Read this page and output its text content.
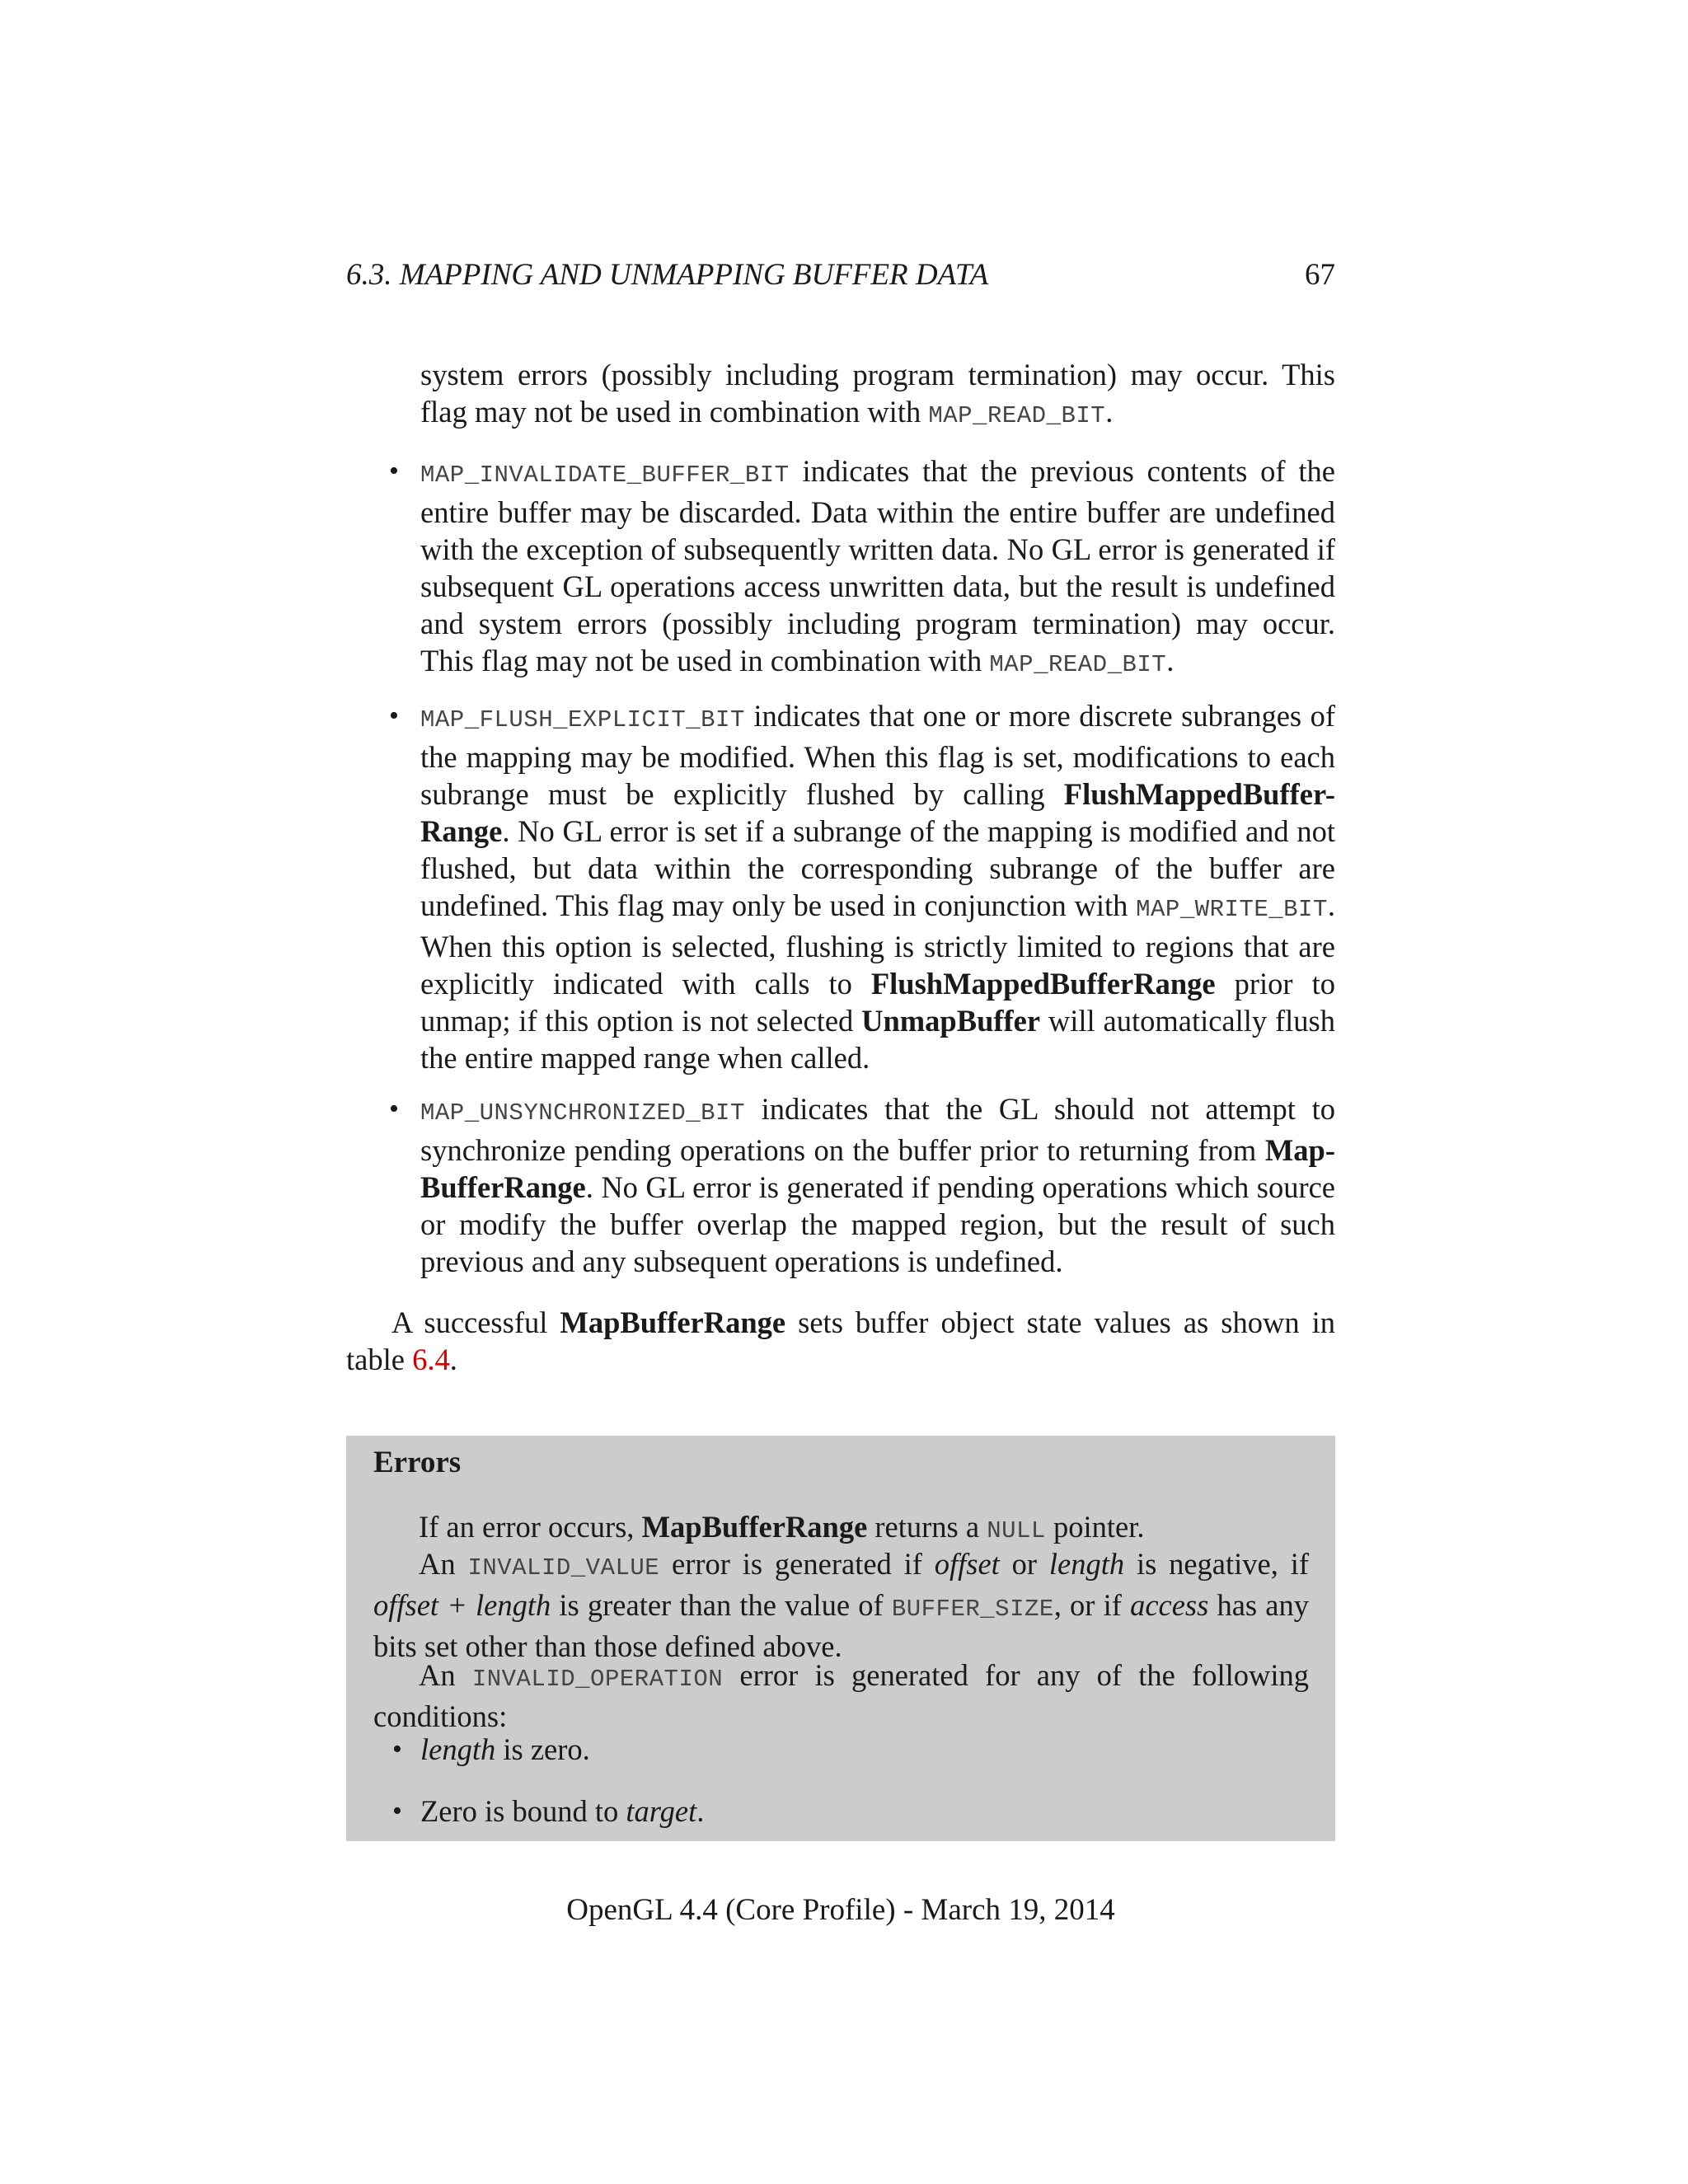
6.3. MAPPING AND UNMAPPING BUFFER DATA	67
system errors (possibly including program termination) may occur. This flag may not be used in combination with MAP_READ_BIT.
• MAP_INVALIDATE_BUFFER_BIT indicates that the previous contents of the entire buffer may be discarded. Data within the entire buffer are undefined with the exception of subsequently written data. No GL error is generated if subsequent GL operations access unwritten data, but the result is undefined and system errors (possibly including program termination) may occur. This flag may not be used in combination with MAP_READ_BIT.
• MAP_FLUSH_EXPLICIT_BIT indicates that one or more discrete subranges of the mapping may be modified. When this flag is set, modifications to each subrange must be explicitly flushed by calling FlushMappedBuffer-Range. No GL error is set if a subrange of the mapping is modified and not flushed, but data within the corresponding subrange of the buffer are undefined. This flag may only be used in conjunction with MAP_WRITE_BIT. When this option is selected, flushing is strictly limited to regions that are explicitly indicated with calls to FlushMappedBufferRange prior to unmap; if this option is not selected UnmapBuffer will automatically flush the entire mapped range when called.
• MAP_UNSYNCHRONIZED_BIT indicates that the GL should not attempt to synchronize pending operations on the buffer prior to returning from Map-BufferRange. No GL error is generated if pending operations which source or modify the buffer overlap the mapped region, but the result of such previous and any subsequent operations is undefined.
A successful MapBufferRange sets buffer object state values as shown in table 6.4.
Errors
If an error occurs, MapBufferRange returns a NULL pointer.
An INVALID_VALUE error is generated if offset or length is negative, if offset + length is greater than the value of BUFFER_SIZE, or if access has any bits set other than those defined above.
An INVALID_OPERATION error is generated for any of the following conditions:
• length is zero.
• Zero is bound to target.
OpenGL 4.4 (Core Profile) - March 19, 2014
